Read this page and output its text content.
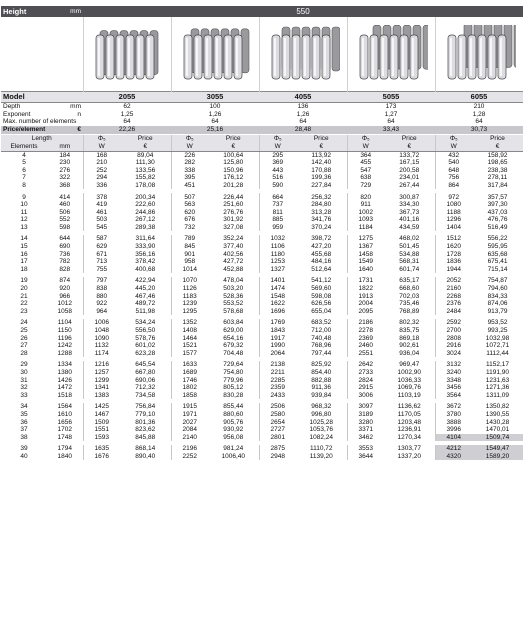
Height	mm	550									

Model		2055		3055		4055		5055		6055	
Depth	mm	62		100		136		173		210	
Exponent	n	1,25		1,26		1,26		1,27		1,28	
Max. number of elements		64		64		64		64		64	
Price/element	€	22,26		25,16		28,48		33,43		30,73	
Length		Φ₅	Price	Φ₅	Price	Φ₅	Price	Φ₅	Price	Φ₅	Price
Elements	mm	W	€	W	€	W	€	W	€	W	€
4	184	168	89,04	226	100,64	295	113,92	364	133,72	432	158,92
5	230	210	111,30	282	125,80	369	142,40	455	167,15	540	198,65
6	276	252	133,56	338	150,96	443	170,88	547	200,58	648	238,38
7	322	294	155,82	395	176,12	516	199,36	638	234,01	756	278,11
8	368	336	178,08	451	201,28	590	227,84	729	267,44	864	317,84

9	414	378	200,34	507	226,44	664	256,32	820	300,87	972	357,57
10	460	419	222,60	563	251,60	737	284,80	911	334,30	1080	397,30
11	506	461	244,86	620	276,76	811	313,28	1002	367,73	1188	437,03
12	552	503	267,12	676	301,92	885	341,76	1093	401,16	1296	476,76
13	598	545	289,38	732	327,08	959	370,24	1184	434,59	1404	516,49

14	644	587	311,64	789	352,24	1032	398,72	1275	468,02	1512	556,22
15	690	629	333,90	845	377,40	1106	427,20	1367	501,45	1620	595,95
16	736	671	356,16	901	402,56	1180	455,68	1458	534,88	1728	635,68
17	782	713	378,42	958	427,72	1253	484,16	1549	568,31	1836	675,41
18	828	755	400,68	1014	452,88	1327	512,64	1640	601,74	1944	715,14

19	874	797	422,94	1070	478,04	1401	541,12	1731	635,17	2052	754,87
20	920	838	445,20	1126	503,20	1474	569,60	1822	668,60	2160	794,60
21	966	880	467,46	1183	528,36	1548	598,08	1913	702,03	2268	834,33
22	1012	922	489,72	1239	553,52	1622	626,56	2004	735,46	2376	874,06
23	1058	964	511,98	1295	578,68	1696	655,04	2095	768,89	2484	913,79

24	1104	1006	534,24	1352	603,84	1769	683,52	2186	802,32	2592	953,52
25	1150	1048	556,50	1408	629,00	1843	712,00	2278	835,75	2700	993,25
26	1196	1090	578,76	1464	654,16	1917	740,48	2369	869,18	2808	1032,98
27	1242	1132	601,02	1521	679,32	1990	768,96	2460	902,61	2916	1072,71
28	1288	1174	623,28	1577	704,48	2064	797,44	2551	936,04	3024	1112,44

29	1334	1216	645,54	1633	729,64	2138	825,92	2642	969,47	3132	1152,17
30	1380	1257	667,80	1689	754,80	2211	854,40	2733	1002,90	3240	1191,90
31	1426	1299	690,06	1746	779,96	2285	882,88	2824	1036,33	3348	1231,63
32	1472	1341	712,32	1802	805,12	2359	911,36	2915	1069,76	3456	1271,36
33	1518	1383	734,58	1858	830,28	2433	939,84	3006	1103,19	3564	1311,09

34	1564	1425	756,84	1915	855,44	2506	968,32	3097	1136,62	3672	1350,82
35	1610	1467	779,10	1971	880,60	2580	996,80	3189	1170,05	3780	1390,55
36	1656	1509	801,36	2027	905,76	2654	1025,28	3280	1203,48	3888	1430,28
37	1702	1551	823,62	2084	930,92	2727	1053,76	3371	1236,91	3996	1470,01
38	1748	1593	845,88	2140	956,08	2801	1082,24	3462	1270,34	4104	1509,74

39	1794	1635	868,14	2196	981,24	2875	1110,72	3553	1303,77	4212	1549,47
40	1840	1676	890,40	2252	1006,40	2948	1139,20	3644	1337,20	4320	1589,20
